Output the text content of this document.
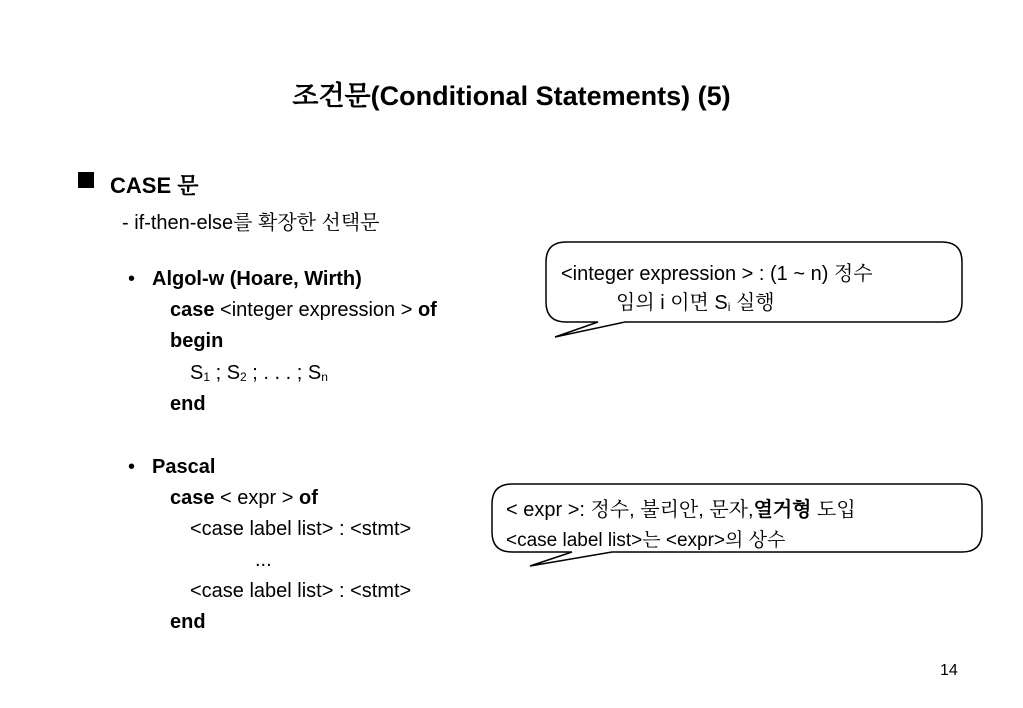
조건문(Conditional Statements) (5)
CASE 문
- if-then-else를 확장한 선택문
• Algol-w (Hoare, Wirth)
case <integer expression > of
begin
$S_1$ ; $S_2$ ; . . . ; $S_n$
end
• Pascal
case < expr > of
<case label list> : <stmt>
...
<case label list> : <stmt>
end
<integer expression > : (1 ~ n) 정수
임의 i 이면 $S_i$ 실행
< expr >: 정수, 불리안, 문자,열거형 도입
<case label list>는 <expr>의 상수
14
